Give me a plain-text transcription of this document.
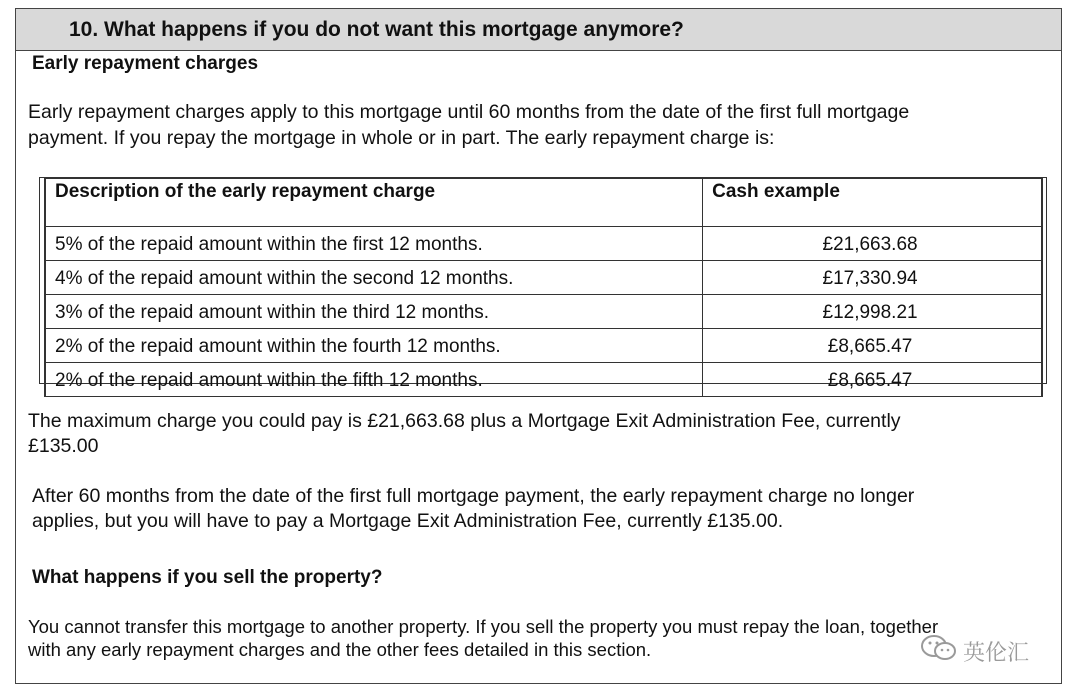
10. What happens if you do not want this mortgage anymore?
Early repayment charges
Early repayment charges apply to this mortgage until 60 months from the date of the first full mortgage
payment. If you repay the mortgage in whole or in part. The early repayment charge is:
Description of the early repayment charge	Cash example
5% of the repaid amount within the first 12 months.	£21,663.68
4% of the repaid amount within the second 12 months.	£17,330.94
3% of the repaid amount within the third 12 months.	£12,998.21
2% of the repaid amount within the fourth 12 months.	£8,665.47
2% of the repaid amount within the fifth 12 months.	£8,665.47
The maximum charge you could pay is £21,663.68 plus a Mortgage Exit Administration Fee, currently
£135.00
After 60 months from the date of the first full mortgage payment, the early repayment charge no longer
applies, but you will have to pay a Mortgage Exit Administration Fee, currently £135.00.
What happens if you sell the property?
You cannot transfer this mortgage to another property. If you sell the property you must repay the loan, together
with any early repayment charges and the other fees detailed in this section.	英伦汇
